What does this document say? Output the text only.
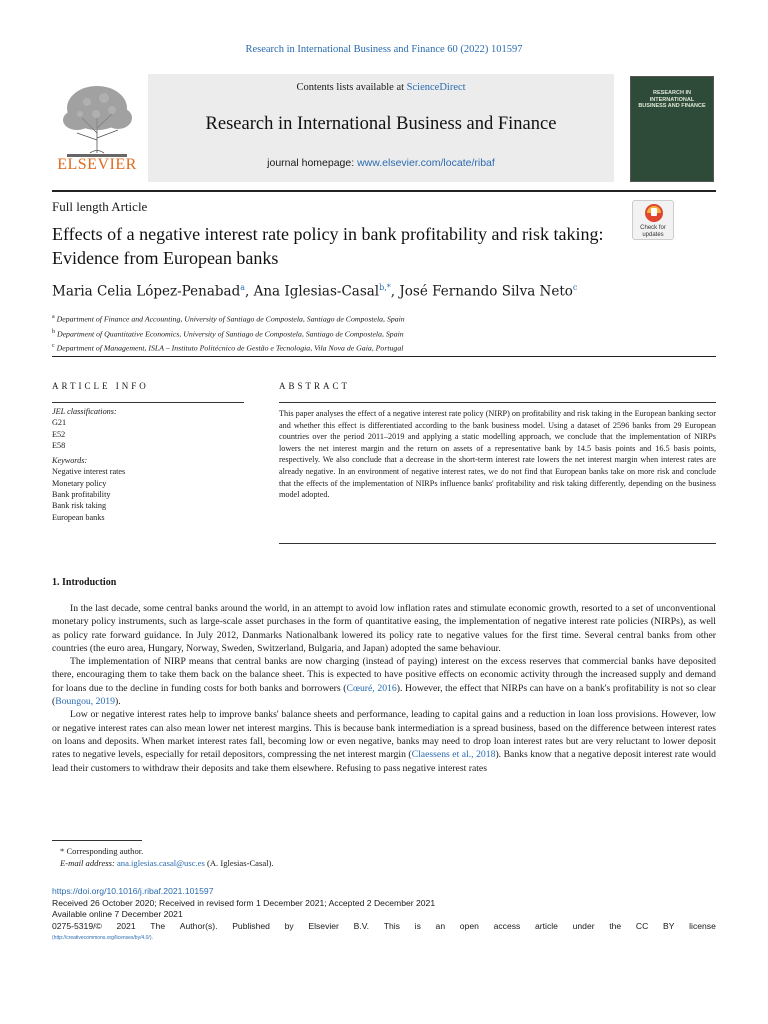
Research in International Business and Finance 60 (2022) 101597
Contents lists available at ScienceDirect
Research in International Business and Finance
journal homepage: www.elsevier.com/locate/ribaf
ELSEVIER
RESEARCH IN INTERNATIONAL BUSINESS AND FINANCE
Full length Article
Check for updates
Effects of a negative interest rate policy in bank profitability and risk taking: Evidence from European banks
Maria Celia López-Penabad$^a$, Ana Iglesias-Casal$^{b,*}$, José Fernando Silva Neto$^c$
$^a$ Department of Finance and Accounting, University of Santiago de Compostela, Santiago de Compostela, Spain
$^b$ Department of Quantitative Economics, University of Santiago de Compostela, Santiago de Compostela, Spain
$^c$ Department of Management, ISLA – Instituto Politécnico de Gestão e Tecnologia, Vila Nova de Gaia, Portugal
ARTICLE INFO	ABSTRACT
JEL classifications:
G21
E52
E58
Keywords:
Negative interest rates
Monetary policy
Bank profitability
Bank risk taking
European banks
This paper analyses the effect of a negative interest rate policy (NIRP) on profitability and risk taking in the European banking sector and whether this effect is differentiated according to the bank business model. Using a dataset of 2596 banks from 29 European countries over the period 2011–2019 and applying a static modelling approach, we conclude that the implementation of NIRPs lowers the net interest margin and the return on assets of a representative bank by 14.5 basis points and 16.5 basis points, respectively. We also conclude that a decrease in the short-term interest rate lowers the net interest margin when interest rates are already negative. In an environment of negative interest rates, we do not find that European banks take on more risk and conclude that the effects of the implementation of NIRPs influence banks' profitability and risk taking differently, depending on the business model adopted.
1. Introduction

In the last decade, some central banks around the world, in an attempt to avoid low inflation rates and stimulate economic growth, resorted to a set of unconventional monetary policy instruments, such as large-scale asset purchases in the form of quantitative easing, the implementation of negative interest rate policies (NIRPs), as well as policy rate forward guidance. In July 2012, Danmarks Nationalbank lowered its policy rate to negative values for the first time. Several central banks from other countries (the euro area, Hungary, Norway, Sweden, Switzerland, Bulgaria, and Japan) adopted the same behaviour.

The implementation of NIRP means that central banks are now charging (instead of paying) interest on the excess reserves that commercial banks have deposited there, encouraging them to take them back on the balance sheet. This is expected to have positive effects on economic activity through the increased supply and demand for loans due to the decline in funding costs for both banks and borrowers (Cœuré, 2016). However, the effect that NIRPs can have on a bank's profitability is not so clear (Boungou, 2019).

Low or negative interest rates help to improve banks' balance sheets and performance, leading to capital gains and a reduction in loan loss provisions. However, low or negative interest rates can also mean lower net interest margins. This is because bank intermediation is a spread business, based on the difference between interest rates on loans and deposits. When market interest rates fall, becoming low or even negative, banks may need to drop loan interest rates but are very reluctant to lower deposit rates to negative levels, especially for retail depositors, compressing the net interest margin (Claessens et al., 2018). Banks know that a negative deposit interest rate would lead their customers to withdraw their deposits and take them elsewhere. Refusing to pass negative interest rates

* Corresponding author.
E-mail address: ana.iglesias.casal@usc.es (A. Iglesias-Casal).
https://doi.org/10.1016/j.ribaf.2021.101597
Received 26 October 2020; Received in revised form 1 December 2021; Accepted 2 December 2021
Available online 7 December 2021
0275-5319/© 2021 The Author(s). Published by Elsevier B.V. This is an open access article under the CC BY license
(http://creativecommons.org/licenses/by/4.0/).
